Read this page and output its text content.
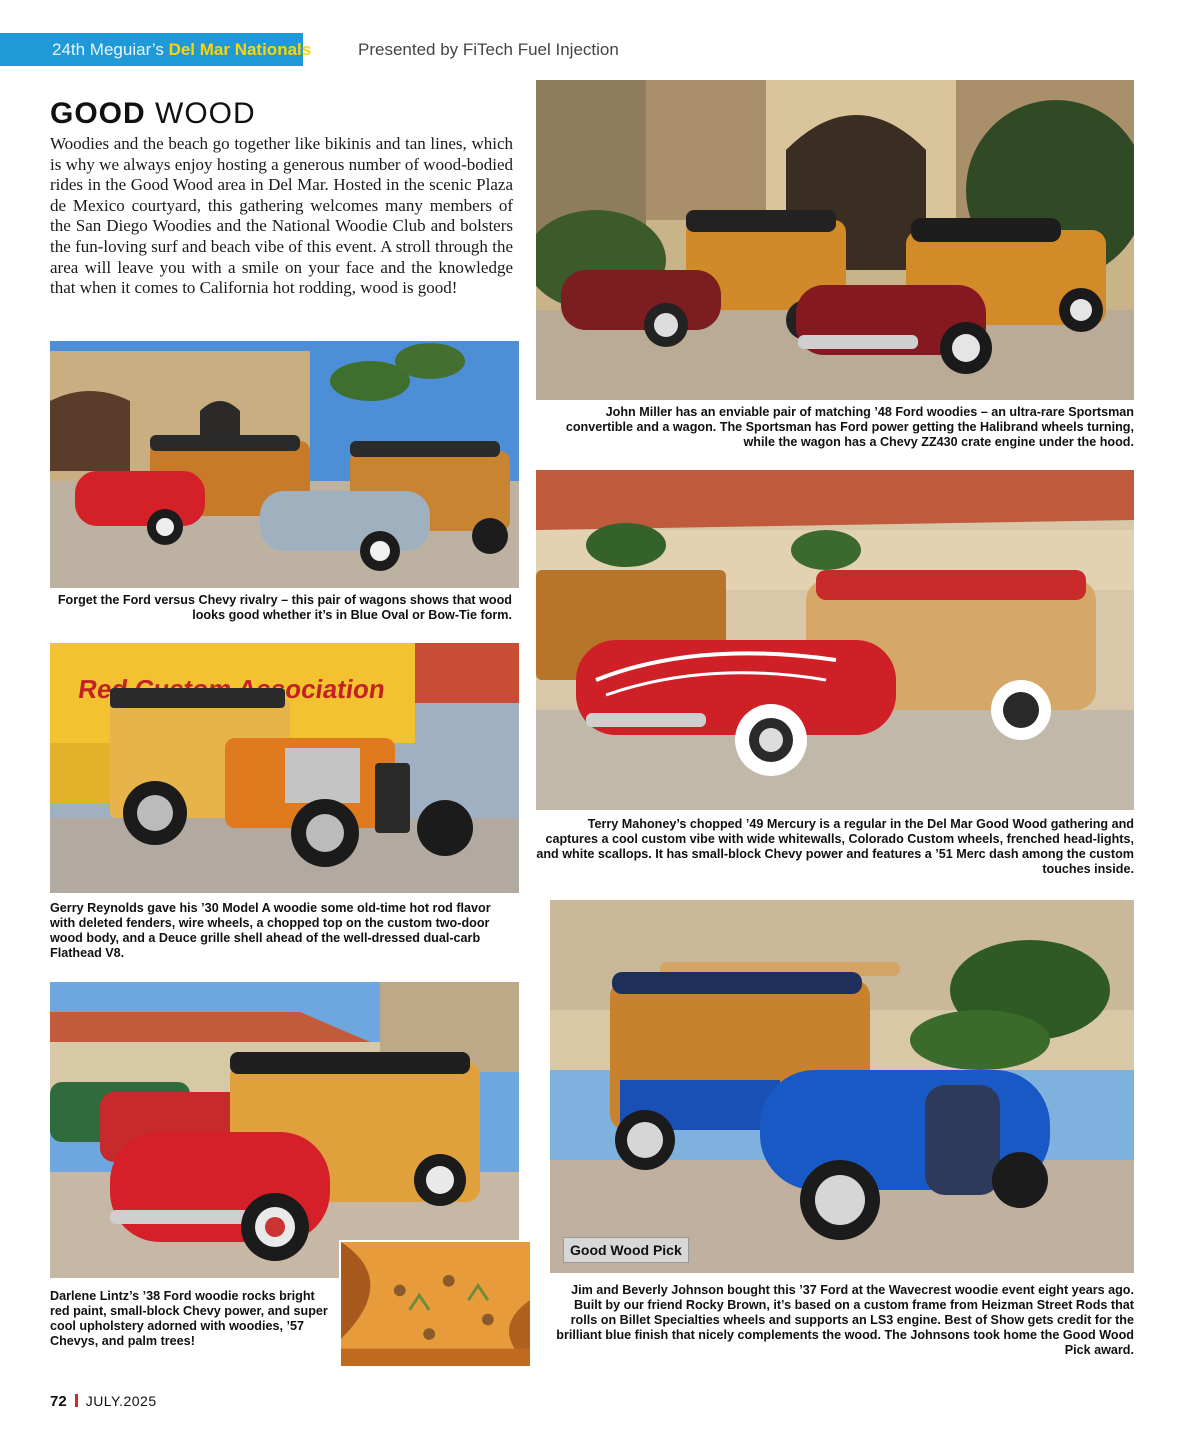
24th Meguiar’s Del Mar Nationals	Presented by FiTech Fuel Injection
GOOD WOOD
Woodies and the beach go together like bikinis and tan lines, which is why we always enjoy hosting a generous number of wood-bodied rides in the Good Wood area in Del Mar. Hosted in the scenic Plaza de Mexico courtyard, this gathering welcomes many members of the San Diego Woodies and the National Woodie Club and bolsters the fun-loving surf and beach vibe of this event. A stroll through the area will leave you with a smile on your face and the knowledge that when it comes to California hot rodding, wood is good!
John Miller has an enviable pair of matching ’48 Ford woodies – an ultra-rare Sportsman convertible and a wagon. The Sportsman has Ford power getting the Halibrand wheels turning, while the wagon has a Chevy ZZ430 crate engine under the hood.
Forget the Ford versus Chevy rivalry – this pair of wagons shows that wood looks good whether it’s in Blue Oval or Bow-Tie form.
Terry Mahoney’s chopped ’49 Mercury is a regular in the Del Mar Good Wood gathering and captures a cool custom vibe with wide whitewalls, Colorado Custom wheels, frenched head-lights, and white scallops. It has small-block Chevy power and features a ’51 Merc dash among the custom touches inside.
Red Association
Gerry Reynolds gave his ’30 Model A woodie some old-time hot rod flavor with deleted fenders, wire wheels, a chopped top on the custom two-door wood body, and a Deuce grille shell ahead of the well-dressed dual-carb Flathead V8.
Good Wood Pick
Jim and Beverly Johnson bought this ’37 Ford at the Wavecrest woodie event eight years ago. Built by our friend Rocky Brown, it’s based on a custom frame from Heizman Street Rods that rolls on Billet Specialties wheels and supports an LS3 engine. Best of Show gets credit for the brilliant blue finish that nicely complements the wood. The Johnsons took home the Good Wood Pick award.
Darlene Lintz’s ’38 Ford woodie rocks bright red paint, small-block Chevy power, and super cool upholstery adorned with woodies, ’57 Chevys, and palm trees!
72 JULY.2025
